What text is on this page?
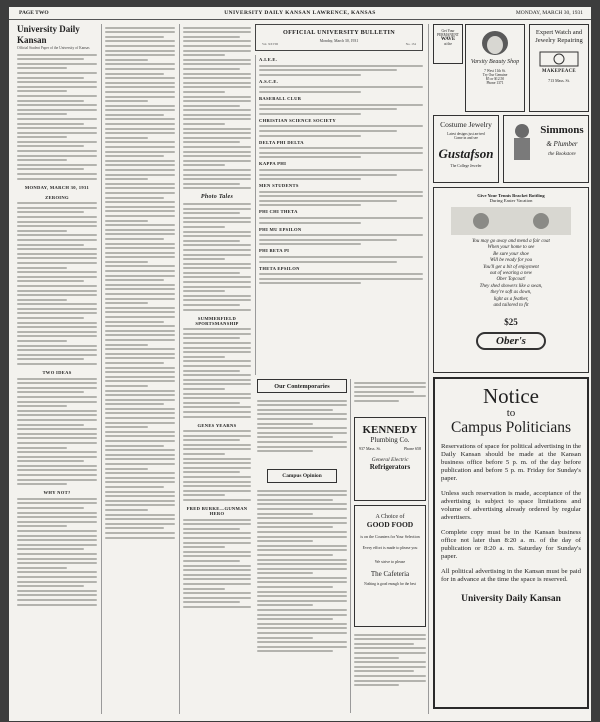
PAGE TWO	UNIVERSITY DAILY KANSAN LAWRENCE, KANSAS	MONDAY, MARCH 30, 1931
University Daily Kansan
Official Student Paper of the University of Kansas
MONDAY, MARCH 30, 1931
ZEROING
TWO IDEAS
WHY NOT?
Photo Tales
SUMMERFIELD SPORTSMANSHIP
GENES YEARNS
FRED BURKE—GUNMAN HERO
OFFICIAL UNIVERSITY BULLETIN
Monday, March 30, 1931
Vol. XXVIII	No. 134
A.I.E.E.
A.S.C.E.
BASEBALL CLUB
CHRISTIAN SCIENCE SOCIETY
DELTA PHI DELTA
KAPPA PHI
MEN STUDENTS
PHI CHI THETA
PHI MU EPSILON
PHI BETA PI
THETA EPSILON
Our Contemporaries
Campus Opinion
KENNEDY
Plumbing Co.
937 Mass. St.	Phone 658
General Electric
Refrigerators
A Choice of
GOOD FOOD
is on the Counters for Your Selection
Every effort is made to please you
We strive to please
The Cafeteria
Nothing is good enough for the best
Get Your
PERMANENT
WAVE
at the
Varsity Beauty Shop
7 West 11th St.
Try Our Genuine
$5 or $12.50
Phone 1371
Expert Watch and Jewelry Repairing
MAKEPEACE
713 Mass. St.
Costume Jewelry
Latest designs just arrived
Come in and see
Gustafson
The College Jeweler
Simmons
& Plumber
the Bookstore
Give Your Tennis Bracket Bottling
During Easter Vacation
You may go away and mend a fair coat
When your home to see
Be sure your shoe
Will be ready for you
You'll get a bit of enjoyment
out of wearing a new
Ober Topcoat!
They shed showers like a swan,
they're soft as down,
light as a feather,
and tailored to fit
$25
Ober's
Notice
to
Campus Politicians
Reservations of space for political advertising in the Daily Kansan should be made at the Kansan business office before 5 p. m. of the day before publication and before 5 p. m. Friday for Sunday's paper.
Unless such reservation is made, acceptance of the advertising is subject to space limitations and volume of advertising already ordered by regular advertisers.
Complete copy must be in the Kansan business office not later than 8:20 a. m. of the day of publication or 8:20 a. m. Saturday for Sunday's paper.
All political advertising in the Kansan must be paid for in advance at the time the space is reserved.
University Daily Kansan
